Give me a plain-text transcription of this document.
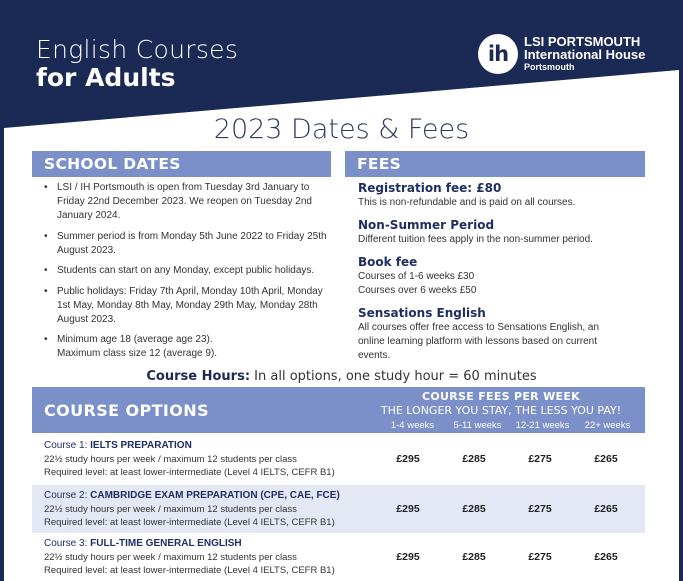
English Courses
for Adults
ih
LSI PORTSMOUTH
International House
Portsmouth
2023 Dates & Fees
SCHOOL DATES	FEES
• LSI / IH Portsmouth is open from Tuesday 3rd January to Friday 22nd December 2023. We reopen on Tuesday 2nd January 2024.
• Summer period is from Monday 5th June 2022 to Friday 25th August 2023.
• Students can start on any Monday, except public holidays.
• Public holidays: Friday 7th April, Monday 10th April, Monday 1st May, Monday 8th May, Monday 29th May, Monday 28th August 2023.
• Minimum age 18 (average age 23).
Maximum class size 12 (average 9).
Registration fee: £80
This is non-refundable and is paid on all courses.
Non-Summer Period
Different tuition fees apply in the non-summer period.
Book fee
Courses of 1-6 weeks £30
Courses over 6 weeks £50
Sensations English
All courses offer free access to Sensations English, an online learning platform with lessons based on current events.
Course Hours: In all options, one study hour = 60 minutes
COURSE OPTIONS
COURSE FEES PER WEEK
THE LONGER YOU STAY, THE LESS YOU PAY!
1-4 weeks	5-11 weeks	12-21 weeks	22+ weeks
Course 1: IELTS PREPARATION
22½ study hours per week / maximum 12 students per class
Required level: at least lower-intermediate (Level 4 IELTS, CEFR B1)
£295	£285	£275	£265
Course 2: CAMBRIDGE EXAM PREPARATION (CPE, CAE, FCE)
22½ study hours per week / maximum 12 students per class
Required level: at least lower-intermediate (Level 4 IELTS, CEFR B1)
£295	£285	£275	£265
Course 3: FULL-TIME GENERAL ENGLISH
22½ study hours per week / maximum 12 students per class
Required level: at least lower-intermediate (Level 4 IELTS, CEFR B1)
£295	£285	£275	£265
